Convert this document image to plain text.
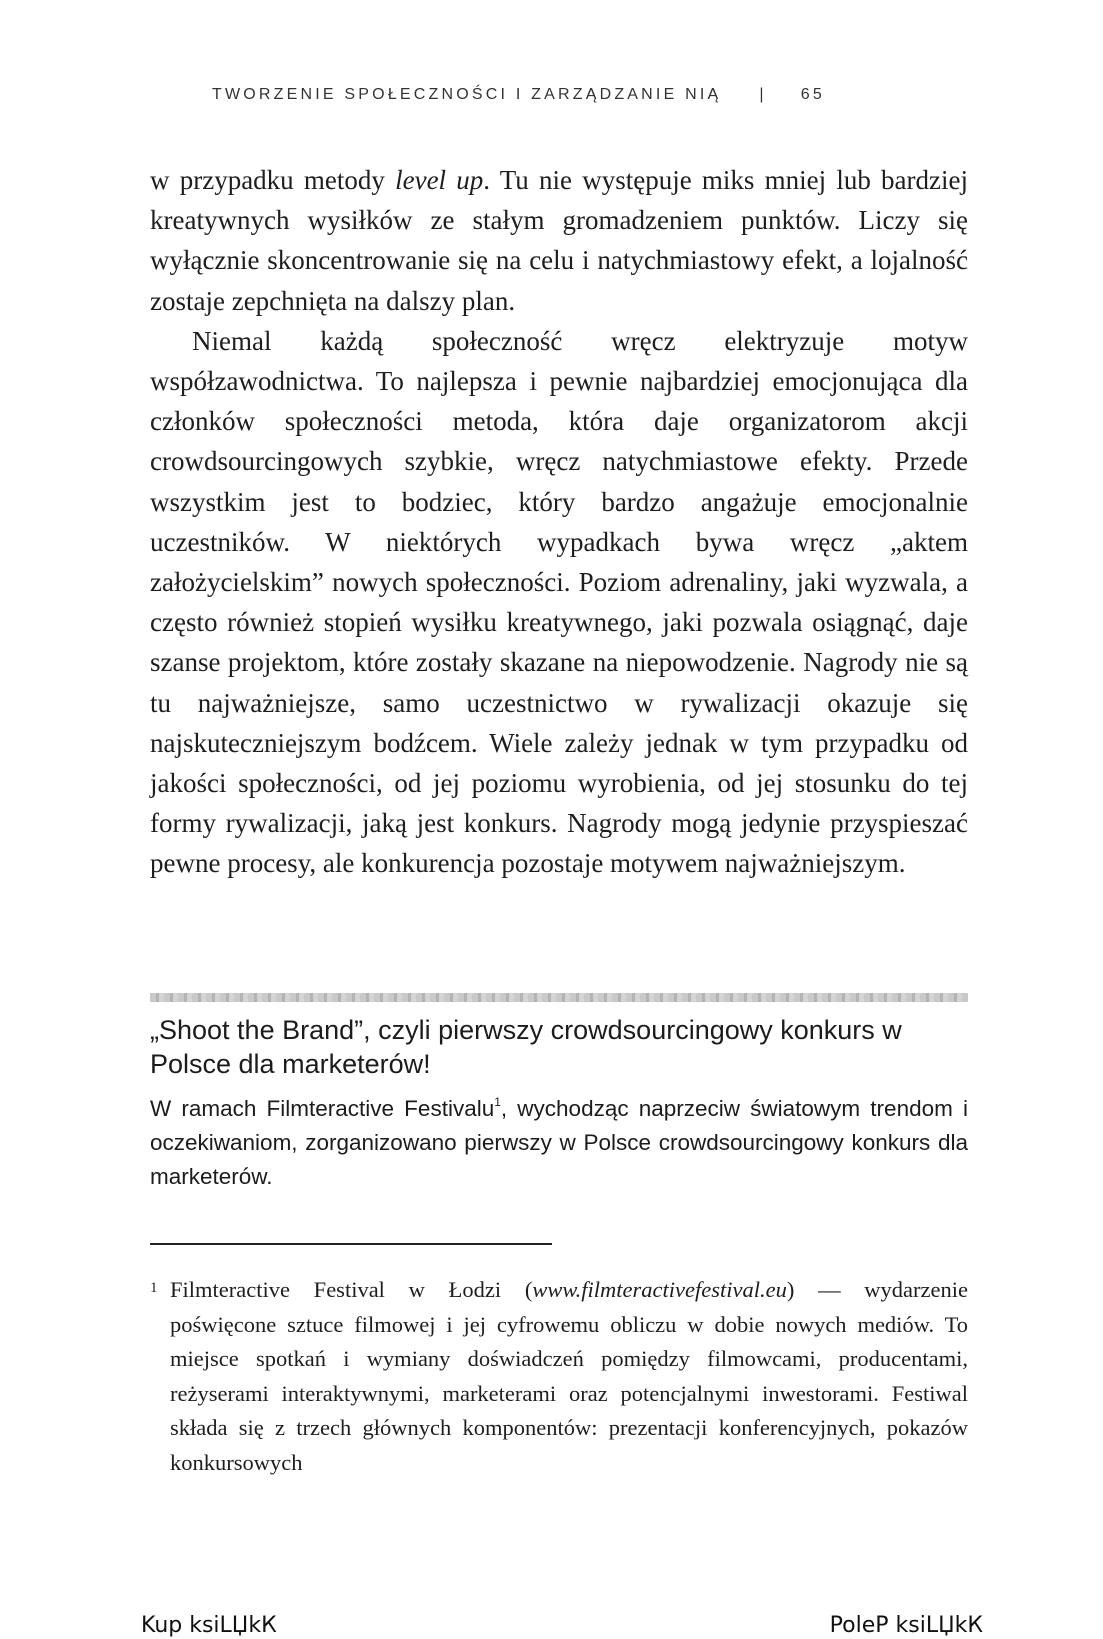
TWORZENIE SPOŁECZNOŚCI I ZARZĄDZANIE NIĄ | 65

w przypadku metody level up. Tu nie występuje miks mniej lub bardziej kreatywnych wysiłków ze stałym gromadzeniem punktów. Liczy się wyłącznie skoncentrowanie się na celu i natychmiastowy efekt, a lojalność zostaje zepchnięta na dalszy plan.

Niemal każdą społeczność wręcz elektryzuje motyw współzawodnictwa. To najlepsza i pewnie najbardziej emocjonująca dla członków społeczności metoda, która daje organizatorom akcji crowdsourcingowych szybkie, wręcz natychmiastowe efekty. Przede wszystkim jest to bodziec, który bardzo angażuje emocjonalnie uczestników. W niektórych wypadkach bywa wręcz „aktem założycielskim” nowych społeczności. Poziom adrenaliny, jaki wyzwala, a często również stopień wysiłku kreatywnego, jaki pozwala osiągnąć, daje szanse projektom, które zostały skazane na niepowodzenie. Nagrody nie są tu najważniejsze, samo uczestnictwo w rywalizacji okazuje się najskuteczniejszym bodźcem. Wiele zależy jednak w tym przypadku od jakości społeczności, od jej poziomu wyrobienia, od jej stosunku do tej formy rywalizacji, jaką jest konkurs. Nagrody mogą jedynie przyspieszać pewne procesy, ale konkurencja pozostaje motywem najważniejszym.

„Shoot the Brand”, czyli pierwszy crowdsourcingowy konkurs w Polsce dla marketerów!
W ramach Filmteractive Festivalu$^1$, wychodząc naprzeciw światowym trendom i oczekiwaniom, zorganizowano pierwszy w Polsce crowdsourcingowy konkurs dla marketerów.
1 Filmteractive Festival w Łodzi (www.filmteractivefestival.eu) — wydarzenie poświęcone sztuce filmowej i jej cyfrowemu obliczu w dobie nowych mediów. To miejsce spotkań i wymiany doświadczeń pomiędzy filmowcami, producentami, reżyserami interaktywnymi, marketerami oraz potencjalnymi inwestorami. Festiwal składa się z trzech głównych komponentów: prezentacji konferencyjnych, pokazów konkursowych
Kup ksiLЏkК	PoleР ksiLЏkК
